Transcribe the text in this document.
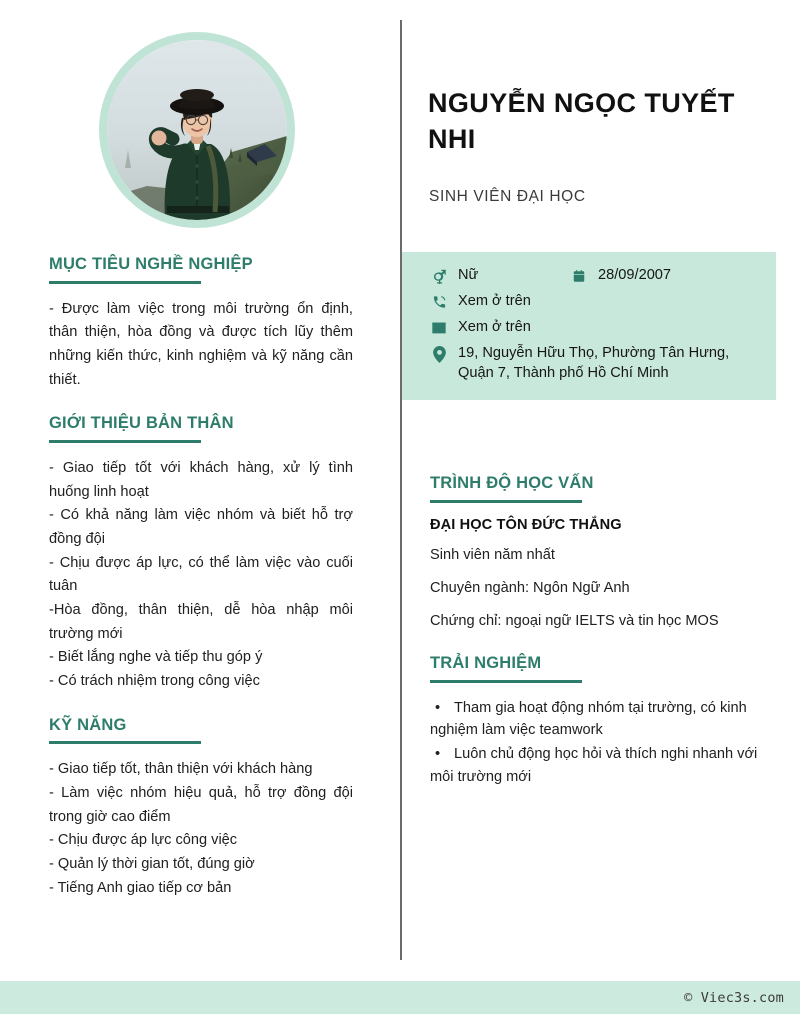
MỤC TIÊU NGHỀ NGHIỆP

- Được làm việc trong môi trường ổn định, thân thiện, hòa đồng và được tích lũy thêm những kiến thức, kinh nghiệm và kỹ năng cần thiết.

GIỚI THIỆU BẢN THÂN

- Giao tiếp tốt với khách hàng, xử lý tình huống linh hoạt
- Có khả năng làm việc nhóm và biết hỗ trợ đồng đội
- Chịu được áp lực, có thể làm việc vào cuối tuân
-Hòa đồng, thân thiện, dễ hòa nhập môi trường mới
- Biết lắng nghe và tiếp thu góp ý
- Có trách nhiệm trong công việc

KỸ NĂNG

- Giao tiếp tốt, thân thiện với khách hàng
- Làm việc nhóm hiệu quả, hỗ trợ đồng đội trong giờ cao điểm
- Chịu được áp lực công việc
- Quản lý thời gian tốt, đúng giờ
- Tiếng Anh giao tiếp cơ bản

NGUYỄN NGỌC TUYẾT NHI
SINH VIÊN ĐẠI HỌC
Nữ	28/09/2007
Xem ở trên
Xem ở trên
19, Nguyễn Hữu Thọ, Phường Tân Hưng, Quận 7, Thành phố Hồ Chí Minh
TRÌNH ĐỘ HỌC VẤN
ĐẠI HỌC TÔN ĐỨC THẮNG

Sinh viên năm nhất

Chuyên ngành: Ngôn Ngữ Anh

Chứng chỉ: ngoại ngữ IELTS và tin học MOS

TRẢI NGHIỆM
• Tham gia hoạt động nhóm tại trường, có kinh nghiệm làm việc teamwork
• Luôn chủ động học hỏi và thích nghi nhanh với môi trường mới
© Viec3s.com
